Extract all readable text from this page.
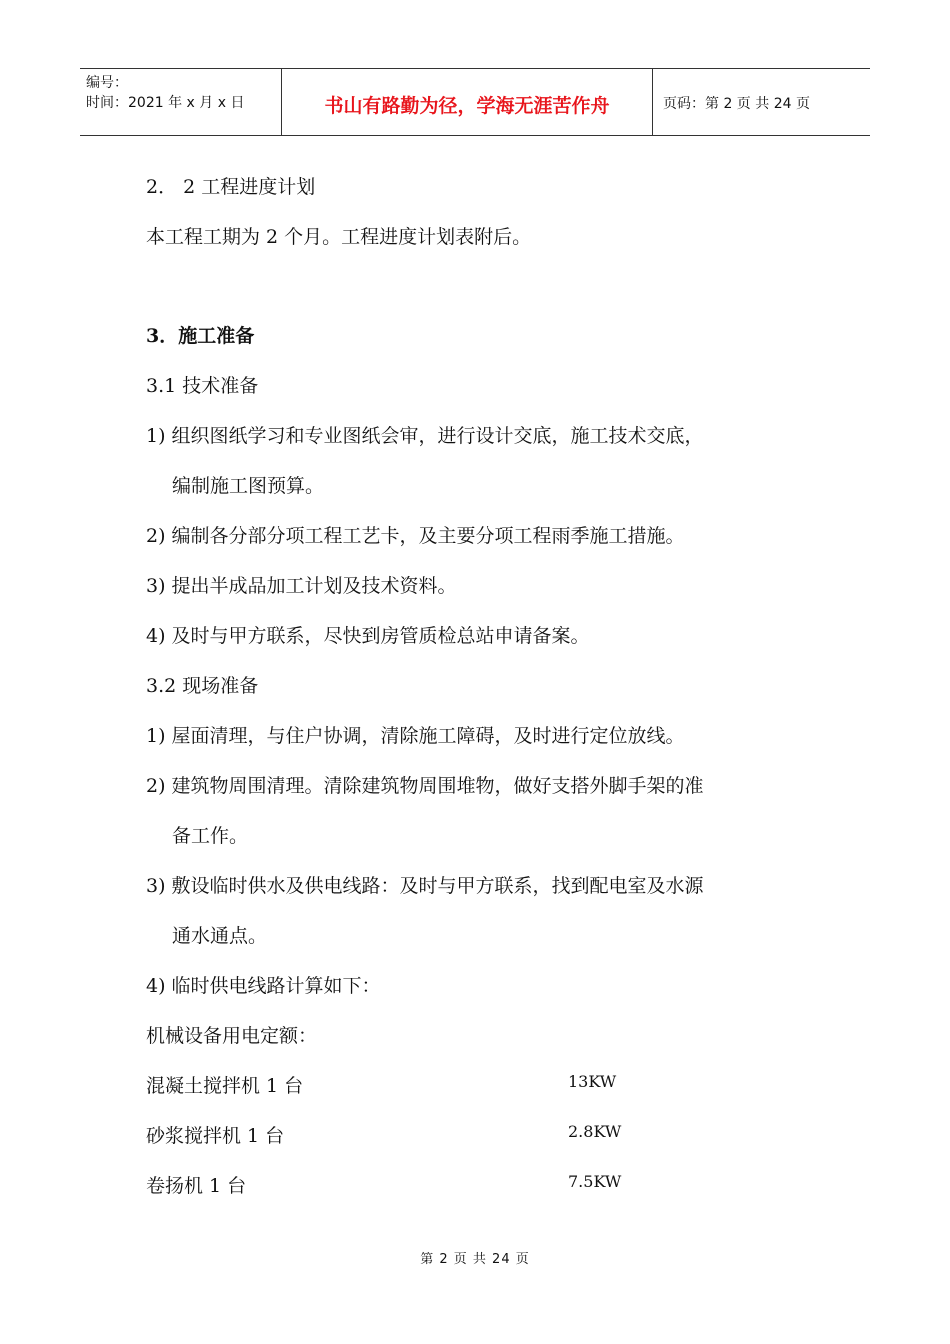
编号：
时间：2021 年 x 月 x 日	书山有路勤为径，学海无涯苦作舟	页码：第 2 页 共 24 页
2． 2 工程进度计划
本工程工期为 2 个月。工程进度计划表附后。
3．施工准备
3.1 技术准备
1) 组织图纸学习和专业图纸会审，进行设计交底，施工技术交底，
编制施工图预算。
2) 编制各分部分项工程工艺卡，及主要分项工程雨季施工措施。
3) 提出半成品加工计划及技术资料。
4) 及时与甲方联系，尽快到房管质检总站申请备案。
3.2 现场准备
1) 屋面清理，与住户协调，清除施工障碍，及时进行定位放线。
2) 建筑物周围清理。清除建筑物周围堆物，做好支搭外脚手架的准
备工作。
3) 敷设临时供水及供电线路：及时与甲方联系，找到配电室及水源
通水通点。
4) 临时供电线路计算如下：
机械设备用电定额：
混凝土搅拌机 1 台	13KW
砂浆搅拌机 1 台	2.8KW
卷扬机 1 台	7.5KW
第 2 页 共 24 页
